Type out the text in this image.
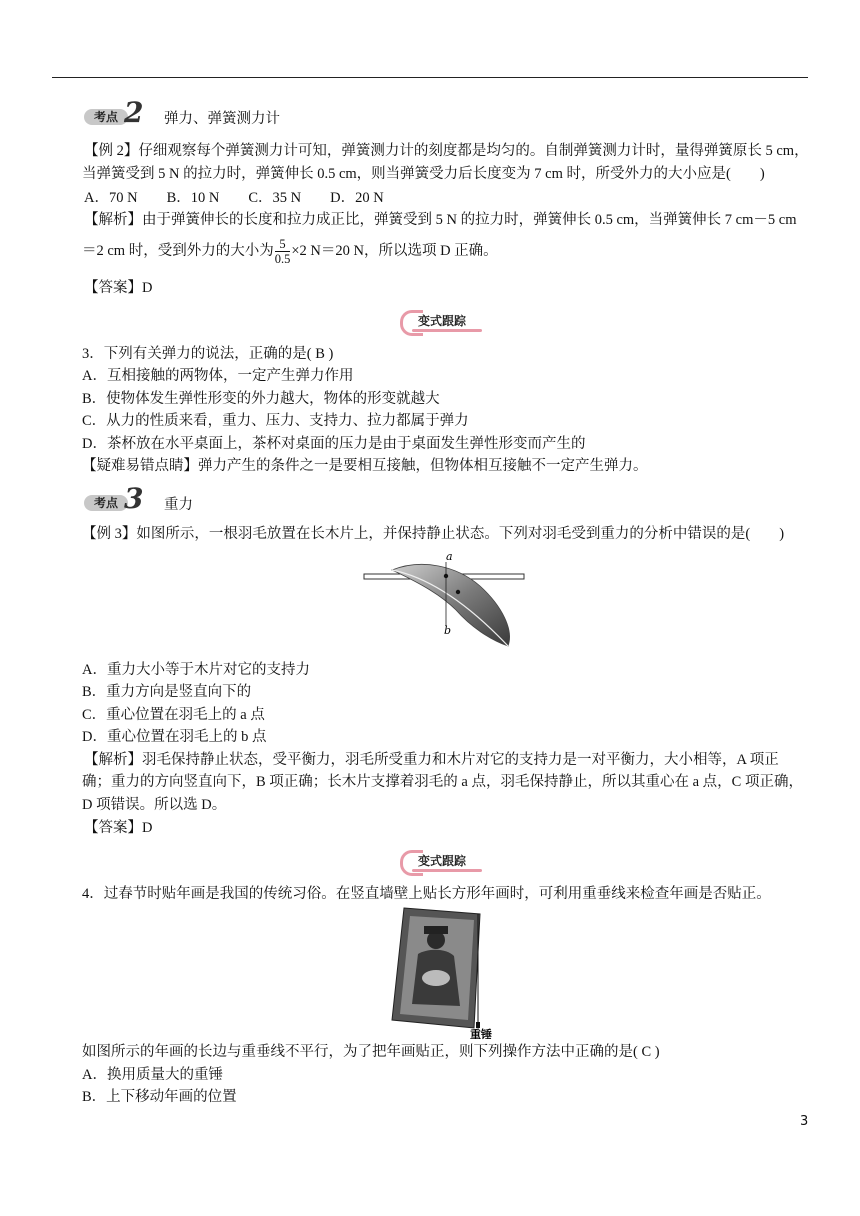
考点 2 弹力、弹簧测力计
【例 2】仔细观察每个弹簧测力计可知，弹簧测力计的刻度都是均匀的。自制弹簧测力计时，量得弹簧原长 5 cm，
当弹簧受到 5 N 的拉力时，弹簧伸长 0.5 cm，则当弹簧受力后长度变为 7 cm 时，所受外力的大小应是(　　)
A．70 N　　B．10 N　　C．35 N　　D．20 N
【解析】由于弹簧伸长的长度和拉力成正比，弹簧受到 5 N 的拉力时，弹簧伸长 0.5 cm，当弹簧伸长 7 cm－5 cm
＝2 cm 时，受到外力的大小为 $\frac{5}{0.5} \times 2$ N＝20 N，所以选项 D 正确。
【答案】D
变式跟踪
3．下列有关弹力的说法，正确的是( B )
A．互相接触的两物体，一定产生弹力作用
B．使物体发生弹性形变的外力越大，物体的形变就越大
C．从力的性质来看，重力、压力、支持力、拉力都属于弹力
D．茶杯放在水平桌面上，茶杯对桌面的压力是由于桌面发生弹性形变而产生的
【疑难易错点睛】弹力产生的条件之一是要相互接触，但物体相互接触不一定产生弹力。
考点 3 重力
【例 3】如图所示，一根羽毛放置在长木片上，并保持静止状态。下列对羽毛受到重力的分析中错误的是(　　)
a
b
A．重力大小等于木片对它的支持力
B．重力方向是竖直向下的
C．重心位置在羽毛上的 a 点
D．重心位置在羽毛上的 b 点
【解析】羽毛保持静止状态，受平衡力，羽毛所受重力和木片对它的支持力是一对平衡力，大小相等，A 项正
确；重力的方向竖直向下，B 项正确；长木片支撑着羽毛的 a 点，羽毛保持静止，所以其重心在 a 点，C 项正确，
D 项错误。所以选 D。
【答案】D
变式跟踪
4．过春节时贴年画是我国的传统习俗。在竖直墙壁上贴长方形年画时，可利用重垂线来检查年画是否贴正。
重锤
如图所示的年画的长边与重垂线不平行，为了把年画贴正，则下列操作方法中正确的是( C )
A．换用质量大的重锤
B．上下移动年画的位置
3
